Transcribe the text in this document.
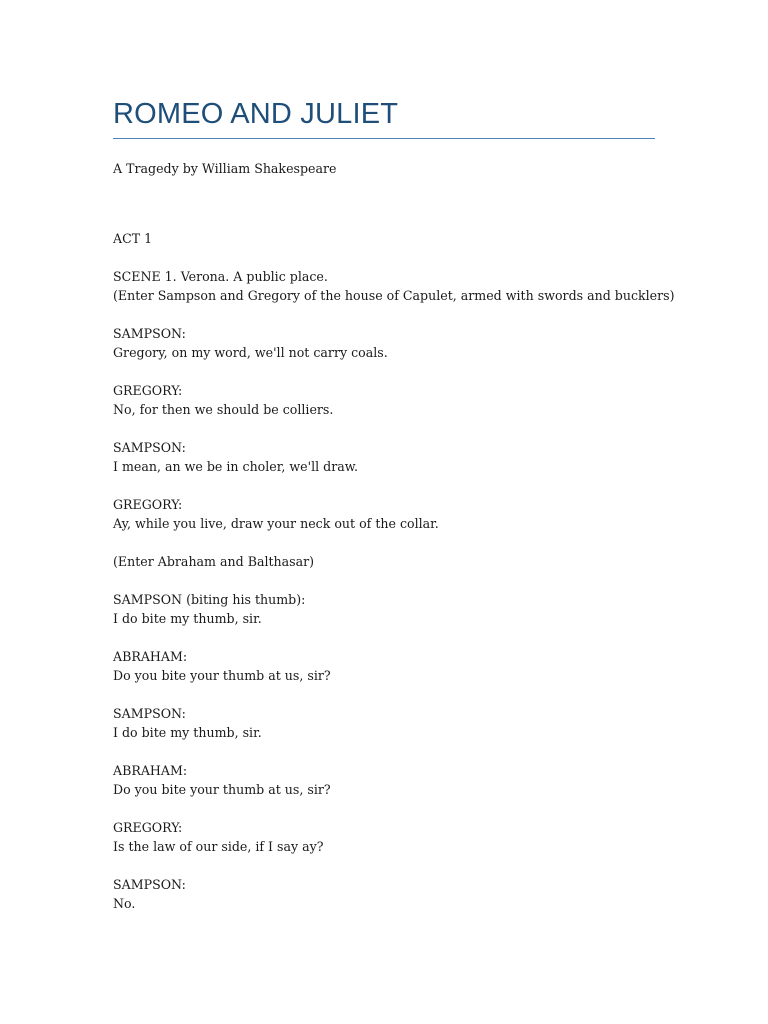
ROMEO AND JULIET
A Tragedy by William Shakespeare
ACT 1
SCENE 1. Verona. A public place.
(Enter Sampson and Gregory of the house of Capulet, armed with swords and bucklers)
SAMPSON:
Gregory, on my word, we'll not carry coals.
GREGORY:
No, for then we should be colliers.
SAMPSON:
I mean, an we be in choler, we'll draw.
GREGORY:
Ay, while you live, draw your neck out of the collar.
(Enter Abraham and Balthasar)
SAMPSON (biting his thumb):
I do bite my thumb, sir.
ABRAHAM:
Do you bite your thumb at us, sir?
SAMPSON:
I do bite my thumb, sir.
ABRAHAM:
Do you bite your thumb at us, sir?
GREGORY:
Is the law of our side, if I say ay?
SAMPSON:
No.
